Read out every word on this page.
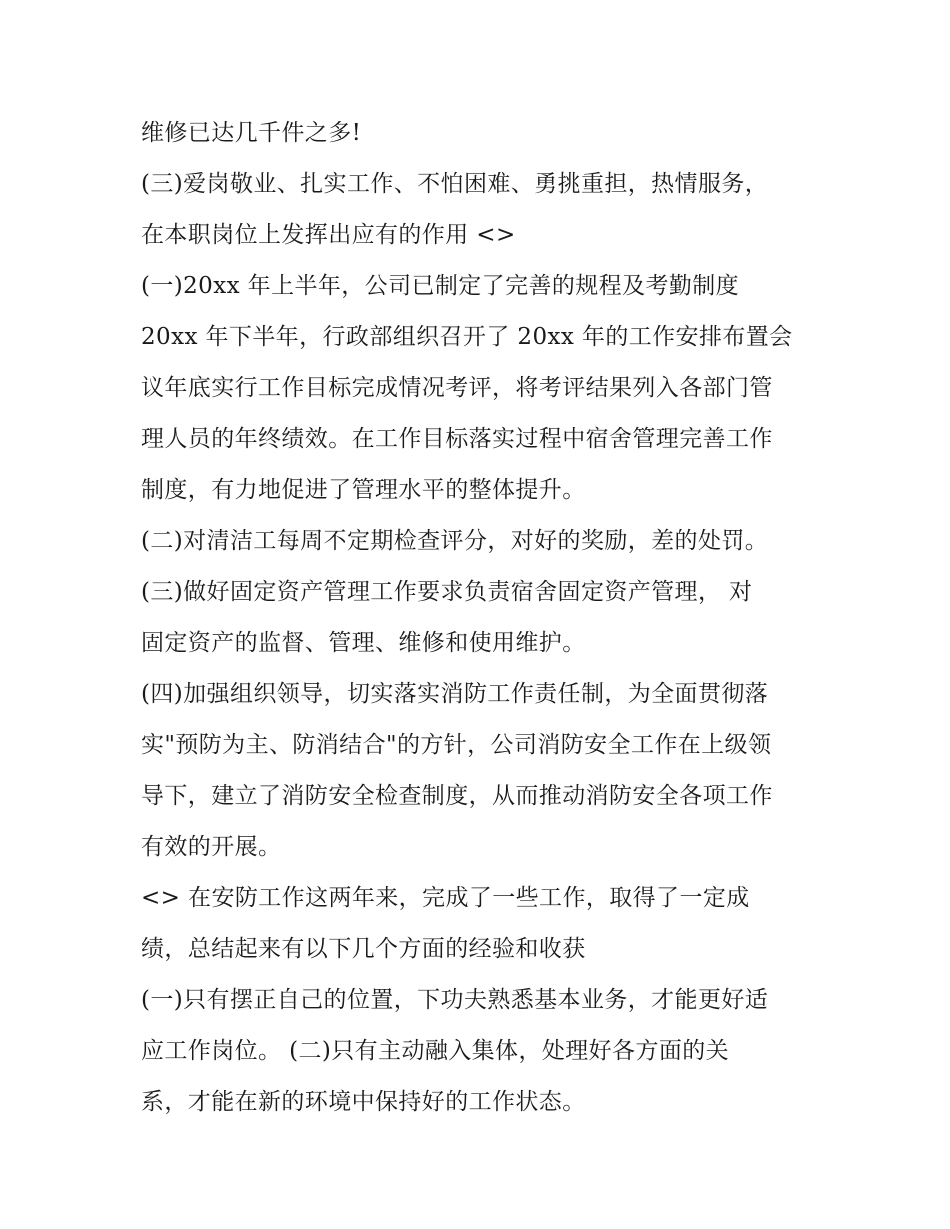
维修已达几千件之多!
(三)爱岗敬业、扎实工作、不怕困难、勇挑重担，热情服务，
在本职岗位上发挥出应有的作用 <>
(一)20xx 年上半年，公司已制定了完善的规程及考勤制度
20xx 年下半年，行政部组织召开了 20xx 年的工作安排布置会
议年底实行工作目标完成情况考评，将考评结果列入各部门管
理人员的年终绩效。在工作目标落实过程中宿舍管理完善工作
制度，有力地促进了管理水平的整体提升。
(二)对清洁工每周不定期检查评分，对好的奖励，差的处罚。
(三)做好固定资产管理工作要求负责宿舍固定资产管理， 对
固定资产的监督、管理、维修和使用维护。
(四)加强组织领导，切实落实消防工作责任制，为全面贯彻落
实"预防为主、防消结合"的方针，公司消防安全工作在上级领
导下，建立了消防安全检查制度，从而推动消防安全各项工作
有效的开展。
<> 在安防工作这两年来，完成了一些工作，取得了一定成
绩，总结起来有以下几个方面的经验和收获
(一)只有摆正自己的位置，下功夫熟悉基本业务，才能更好适
应工作岗位。 (二)只有主动融入集体，处理好各方面的关
系，才能在新的环境中保持好的工作状态。
